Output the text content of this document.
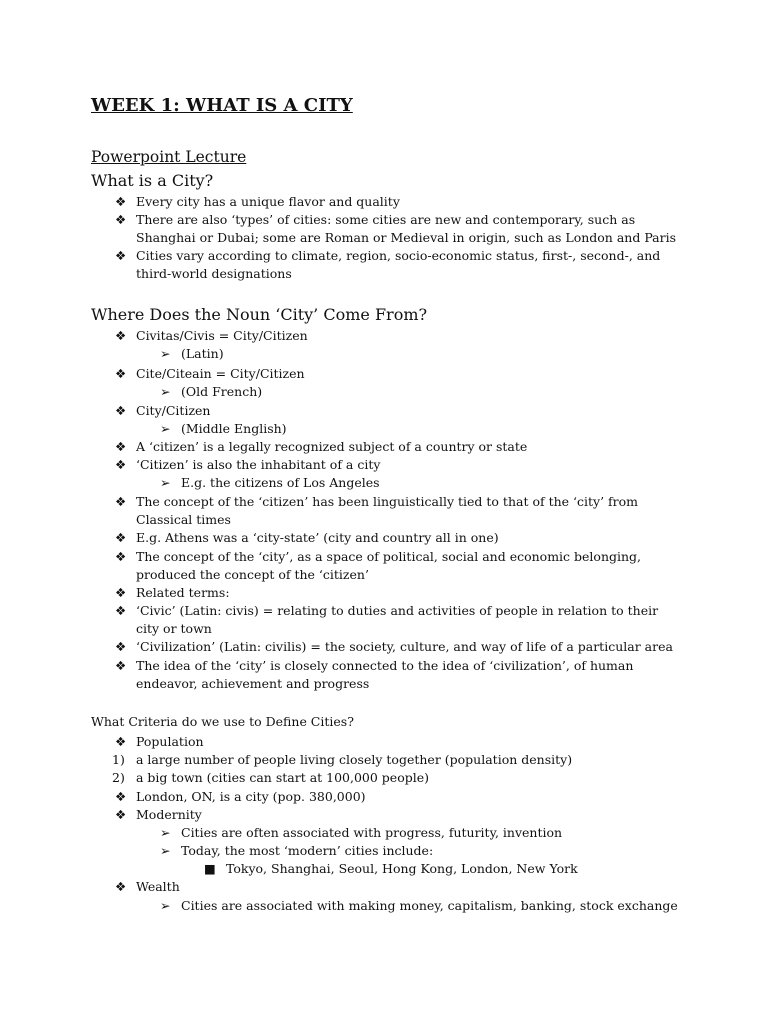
WEEK 1: WHAT IS A CITY
Powerpoint Lecture
What is a City?
❖ Every city has a unique flavor and quality
❖ There are also ‘types’ of cities: some cities are new and contemporary, such as
Shanghai or Dubai; some are Roman or Medieval in origin, such as London and Paris
❖ Cities vary according to climate, region, socio-economic status, first-, second-, and
third-world designations
Where Does the Noun ‘City’ Come From?
❖ Civitas/Civis = City/Citizen
➢ (Latin)
❖ Cite/Citeain = City/Citizen
➢ (Old French)
❖ City/Citizen
➢ (Middle English)
❖ A ‘citizen’ is a legally recognized subject of a country or state
❖ ‘Citizen’ is also the inhabitant of a city
➢ E.g. the citizens of Los Angeles
❖ The concept of the ‘citizen’ has been linguistically tied to that of the ‘city’ from
Classical times
❖ E.g. Athens was a ‘city-state’ (city and country all in one)
❖ The concept of the ‘city’, as a space of political, social and economic belonging,
produced the concept of the ‘citizen’
❖ Related terms:
❖ ‘Civic’ (Latin: civis) = relating to duties and activities of people in relation to their
city or town
❖ ‘Civilization’ (Latin: civilis) = the society, culture, and way of life of a particular area
❖ The idea of the ‘city’ is closely connected to the idea of ‘civilization’, of human
endeavor, achievement and progress
What Criteria do we use to Define Cities?
❖ Population
1) a large number of people living closely together (population density)
2) a big town (cities can start at 100,000 people)
❖ London, ON, is a city (pop. 380,000)
❖ Modernity
➢ Cities are often associated with progress, futurity, invention
➢ Today, the most ‘modern’ cities include:
■ Tokyo, Shanghai, Seoul, Hong Kong, London, New York
❖ Wealth
➢ Cities are associated with making money, capitalism, banking, stock exchange
